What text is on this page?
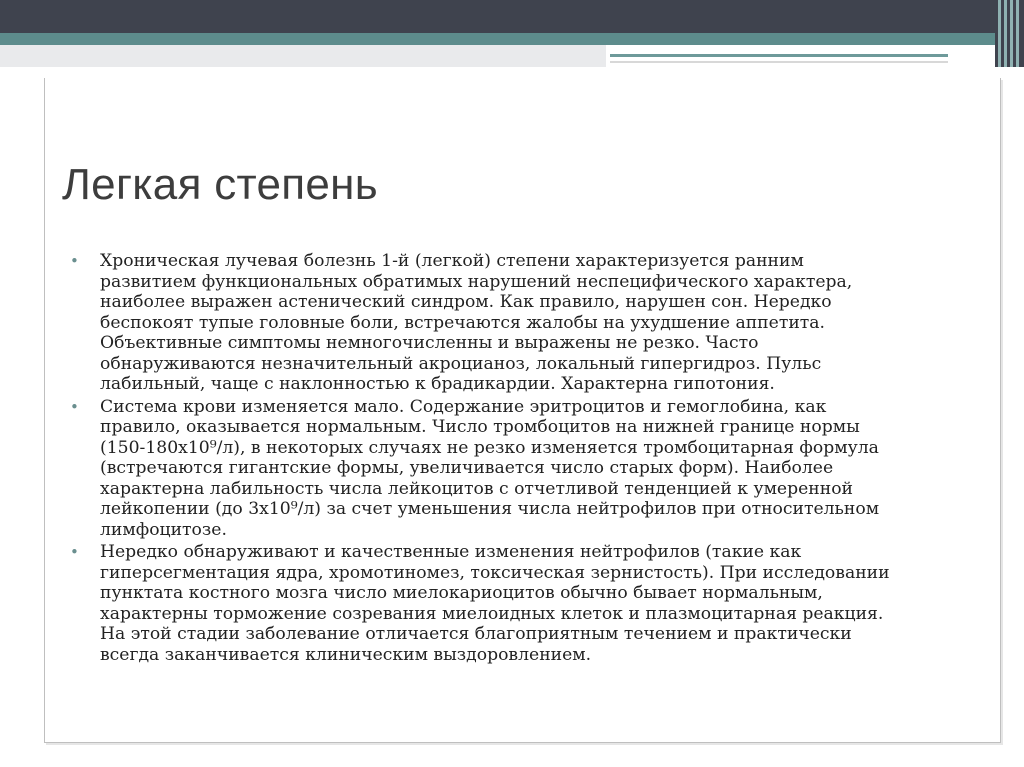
Легкая степень
• Хроническая лучевая болезнь 1-й (легкой) степени характеризуется ранним
развитием функциональных обратимых нарушений неспецифического характера,
наиболее выражен астенический синдром. Как правило, нарушен сон. Нередко
беспокоят тупые головные боли, встречаются жалобы на ухудшение аппетита.
Объективные симптомы немногочисленны и выражены не резко. Часто
обнаруживаются незначительный акроцианоз, локальный гипергидроз. Пульс
лабильный, чаще с наклонностью к брадикардии. Характерна гипотония.
• Система крови изменяется мало. Содержание эритроцитов и гемоглобина, как
правило, оказывается нормальным. Число тромбоцитов на нижней границе нормы
(150-180х10⁹/л), в некоторых случаях не резко изменяется тромбоцитарная формула
(встречаются гигантские формы, увеличивается число старых форм). Наиболее
характерна лабильность числа лейкоцитов с отчетливой тенденцией к умеренной
лейкопении (до 3х10⁹/л) за счет уменьшения числа нейтрофилов при относительном
лимфоцитозе.
• Нередко обнаруживают и качественные изменения нейтрофилов (такие как
гиперсегментация ядра, хромотиномез, токсическая зернистость). При исследовании
пунктата костного мозга число миелокариоцитов обычно бывает нормальным,
характерны торможение созревания миелоидных клеток и плазмоцитарная реакция.
На этой стадии заболевание отличается благоприятным течением и практически
всегда заканчивается клиническим выздоровлением.
